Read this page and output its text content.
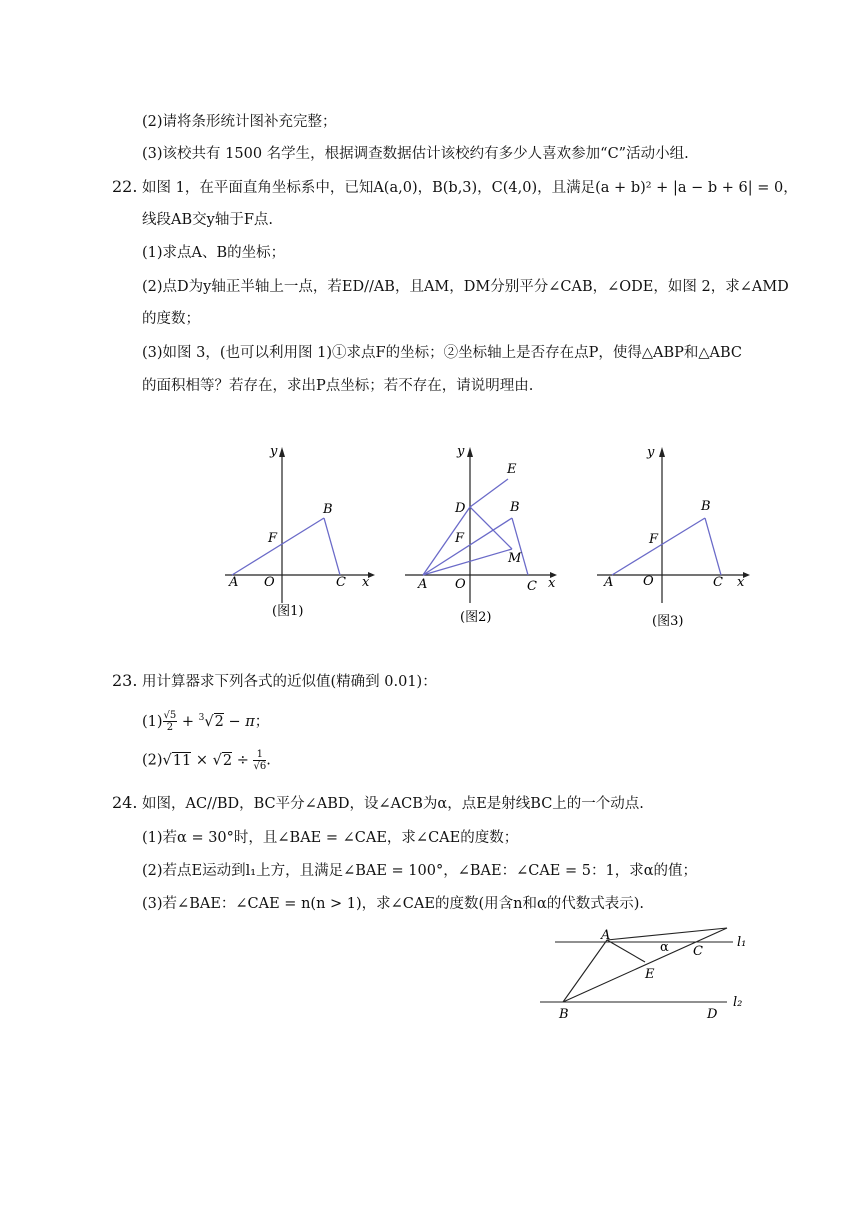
(2)请将条形统计图补充完整；
(3)该校共有 1500 名学生，根据调查数据估计该校约有多少人喜欢参加“C”活动小组.
22. 如图 1，在平面直角坐标系中，已知A(a,0)，B(b,3)，C(4,0)，且满足(a + b)² + |a − b + 6| = 0，
线段AB交y轴于F点.
(1)求点A、B的坐标；
(2)点D为y轴正半轴上一点，若ED//AB，且AM，DM分别平分∠CAB，∠ODE，如图 2，求∠AMD
的度数；
(3)如图 3，(也可以利用图 1)①求点F的坐标；②坐标轴上是否存在点P，使得△ABP和△ABC
的面积相等？若存在，求出P点坐标；若不存在，请说明理由.
y
B
F
A O	C x
(图1)
y
E
D	B
F
M
A O	C x
(图2)
y
B
F
A O	C x
(图3)
23. 用计算器求下列各式的近似值(精确到 0.01)：
$(1) \frac{√5}{2} + ^3√2 - \pi$；
$(2)√11 \times √2 \div \frac{1}{√6}$ .
24. 如图，AC//BD，BC平分∠ABD，设∠ACB为α，点E是射线BC上的一个动点.
(1)若α = 30°时，且∠BAE = ∠CAE，求∠CAE的度数；
(2)若点E运动到l₁上方，且满足∠BAE = 100°，∠BAE：∠CAE = 5：1，求α的值；
(3)若∠BAE：∠CAE = n(n > 1)，求∠CAE的度数(用含n和α的代数式表示).
A
α C
E
l₁
l₂
B	D
